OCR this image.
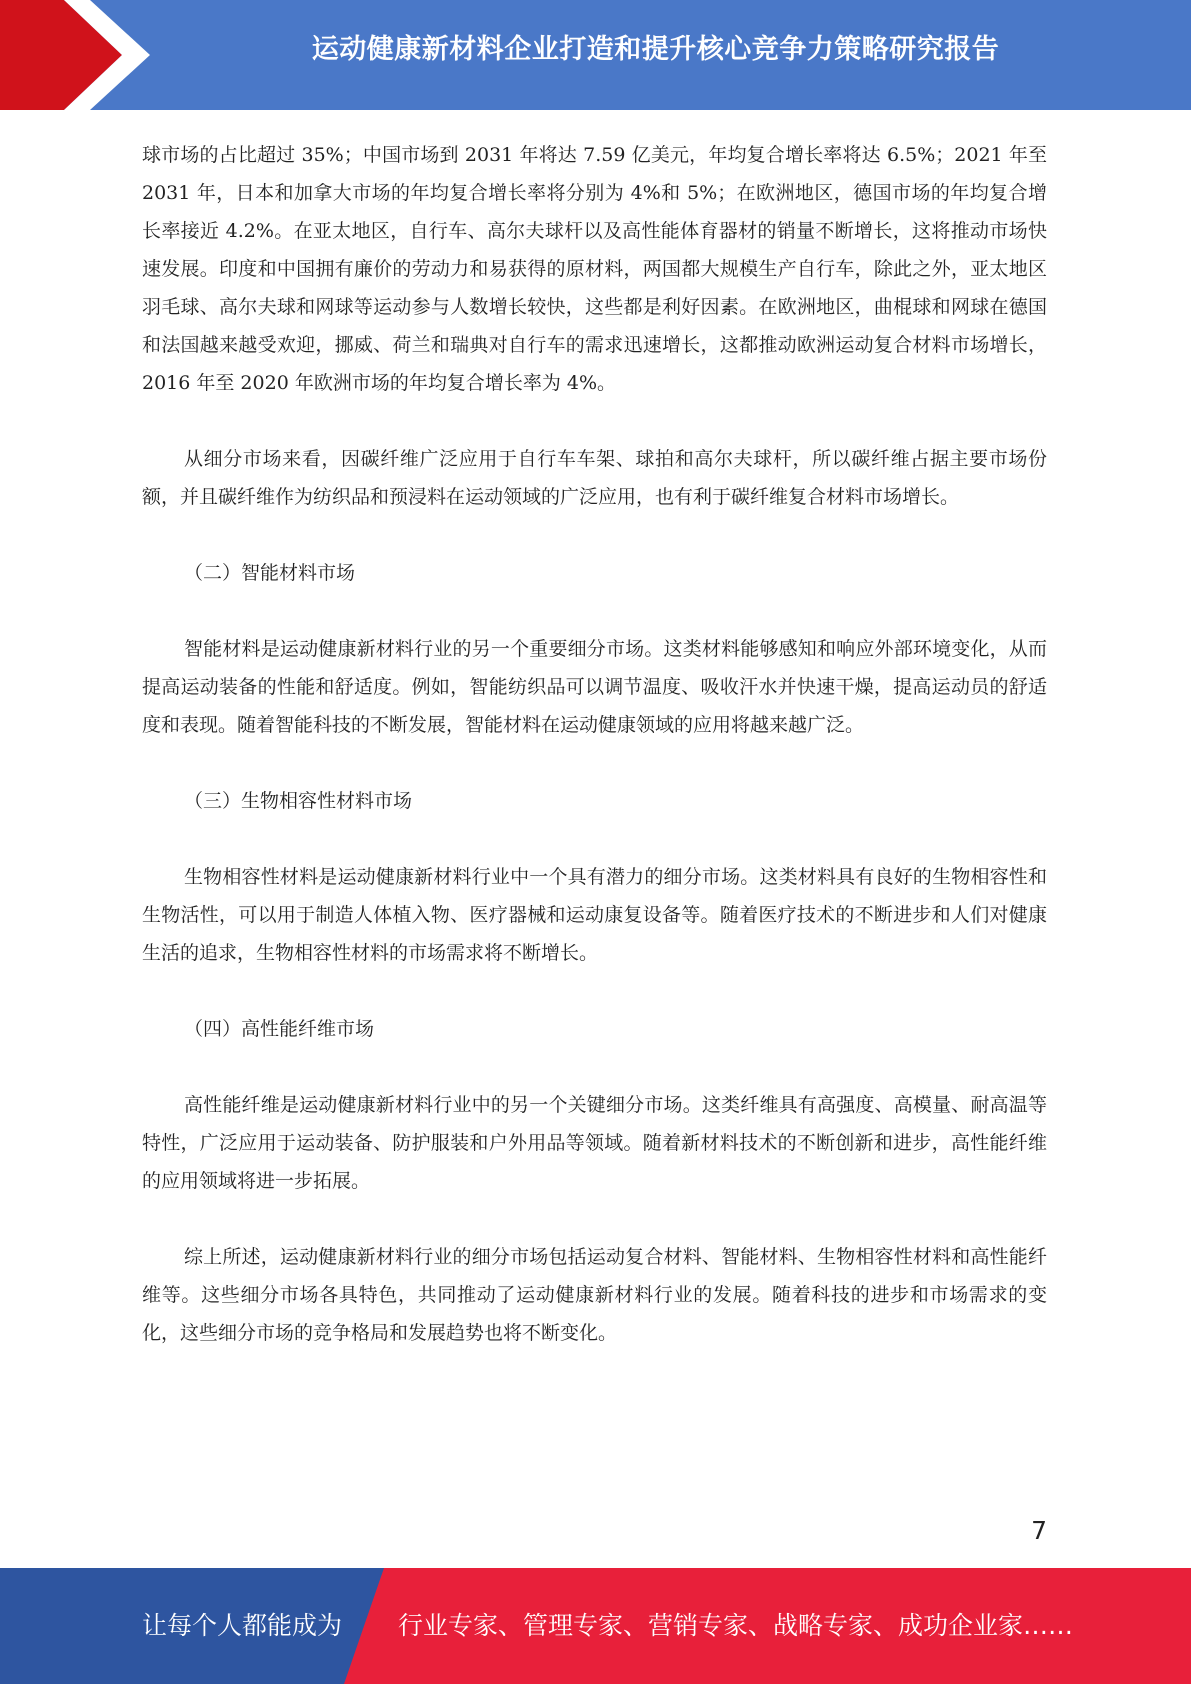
运动健康新材料企业打造和提升核心竞争力策略研究报告

球市场的占比超过 35%；中国市场到 2031 年将达 7.59 亿美元，年均复合增长率将达 6.5%；2021 年至 2031 年，日本和加拿大市场的年均复合增长率将分别为 4%和 5%；在欧洲地区，德国市场的年均复合增长率接近 4.2%。在亚太地区，自行车、高尔夫球杆以及高性能体育器材的销量不断增长，这将推动市场快速发展。印度和中国拥有廉价的劳动力和易获得的原材料，两国都大规模生产自行车，除此之外，亚太地区羽毛球、高尔夫球和网球等运动参与人数增长较快，这些都是利好因素。在欧洲地区，曲棍球和网球在德国和法国越来越受欢迎，挪威、荷兰和瑞典对自行车的需求迅速增长，这都推动欧洲运动复合材料市场增长，2016 年至 2020 年欧洲市场的年均复合增长率为 4%。

从细分市场来看，因碳纤维广泛应用于自行车车架、球拍和高尔夫球杆，所以碳纤维占据主要市场份额，并且碳纤维作为纺织品和预浸料在运动领域的广泛应用，也有利于碳纤维复合材料市场增长。

（二）智能材料市场

智能材料是运动健康新材料行业的另一个重要细分市场。这类材料能够感知和响应外部环境变化，从而提高运动装备的性能和舒适度。例如，智能纺织品可以调节温度、吸收汗水并快速干燥，提高运动员的舒适度和表现。随着智能科技的不断发展，智能材料在运动健康领域的应用将越来越广泛。

（三）生物相容性材料市场

生物相容性材料是运动健康新材料行业中一个具有潜力的细分市场。这类材料具有良好的生物相容性和生物活性，可以用于制造人体植入物、医疗器械和运动康复设备等。随着医疗技术的不断进步和人们对健康生活的追求，生物相容性材料的市场需求将不断增长。

（四）高性能纤维市场

高性能纤维是运动健康新材料行业中的另一个关键细分市场。这类纤维具有高强度、高模量、耐高温等特性，广泛应用于运动装备、防护服装和户外用品等领域。随着新材料技术的不断创新和进步，高性能纤维的应用领域将进一步拓展。

综上所述，运动健康新材料行业的细分市场包括运动复合材料、智能材料、生物相容性材料和高性能纤维等。这些细分市场各具特色，共同推动了运动健康新材料行业的发展。随着科技的进步和市场需求的变化，这些细分市场的竞争格局和发展趋势也将不断变化。

7
让每个人都能成为 行业专家、管理专家、营销专家、战略专家、成功企业家……
